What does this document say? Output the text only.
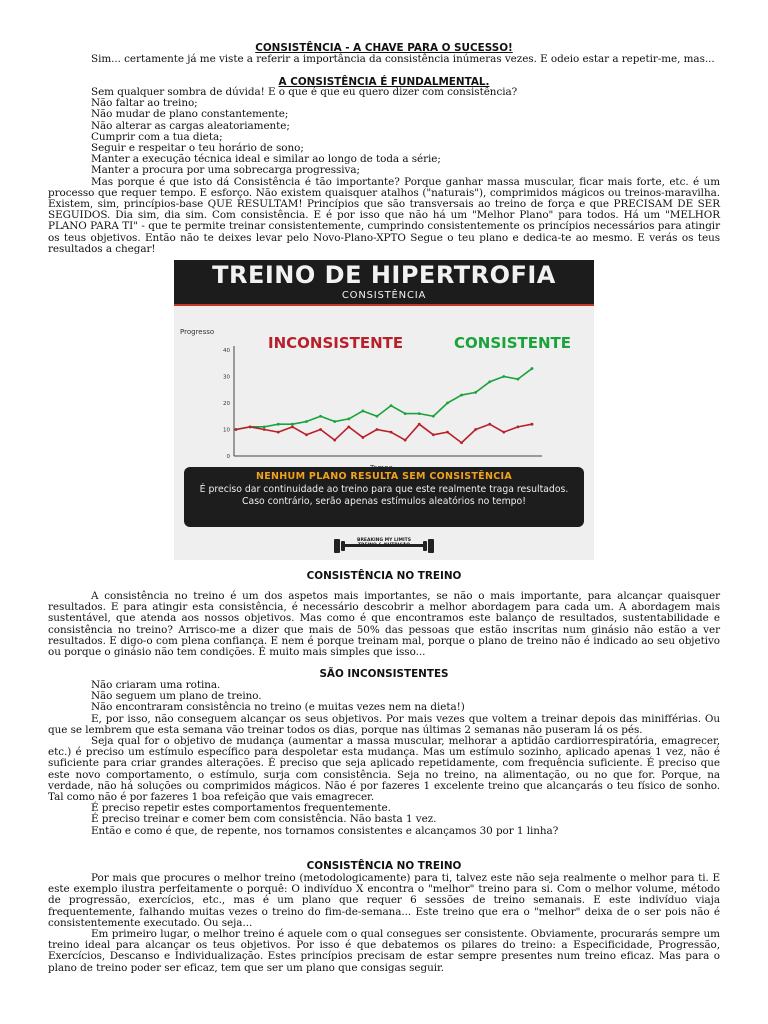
CONSISTÊNCIA - A CHAVE PARA O SUCESSO!

Sim... certamente já me viste a referir a importância da consistência inúmeras vezes. E odeio estar a repetir-me, mas...

A CONSISTÊNCIA É FUNDALMENTAL.

Sem qualquer sombra de dúvida! E o que é que eu quero dizer com consistência?

Não faltar ao treino;

Não mudar de plano constantemente;

Não alterar as cargas aleatoriamente;

Cumprir com a tua dieta;

Seguir e respeitar o teu horário de sono;

Manter a execução técnica ideal e similar ao longo de toda a série;

Manter a procura por uma sobrecarga progressiva;

Mas porque é que isto dá Consistência é tão importante? Porque ganhar massa muscular, ficar mais forte, etc. é um processo que requer tempo. E esforço. Não existem quaisquer atalhos ("naturais"), comprimidos mágicos ou treinos-maravilha. Existem, sim, princípios-base QUE RESULTAM! Princípios que são transversais ao treino de força e que PRECISAM DE SER SEGUIDOS. Dia sim, dia sim. Com consistência. E é por isso que não há um "Melhor Plano" para todos. Há um "MELHOR PLANO PARA TI" - que te permite treinar consistentemente, cumprindo consistentemente os princípios necessários para atingir os teus objetivos. Então não te deixes levar pelo Novo-Plano-XPTO Segue o teu plano e dedica-te ao mesmo. E verás os teus resultados a chegar!

TREINO DE HIPERTROFIA
CONSISTÊNCIA
Progresso
INCONSISTENTE	CONSISTENTE
0
10
20
30
40
NENHUM PLANO RESULTA SEM CONSISTÊNCIA
É preciso dar continuidade ao treino para que este realmente traga resultados. Caso contrário, serão apenas estímulos aleatórios no tempo!
BREAKING MY LIMITS TREINO & NUTRIÇÃO
CONSISTÊNCIA NO TREINO

A consistência no treino é um dos aspetos mais importantes, se não o mais importante, para alcançar quaisquer resultados. E para atingir esta consistência, é necessário descobrir a melhor abordagem para cada um. A abordagem mais sustentável, que atenda aos nossos objetivos. Mas como é que encontramos este balanço de resultados, sustentabilidade e consistência no treino? Arrisco-me a dizer que mais de 50% das pessoas que estão inscritas num ginásio não estão a ver resultados. E digo-o com plena confiança. E nem é porque treinam mal, porque o plano de treino não é indicado ao seu objetivo ou porque o ginásio não tem condições. É muito mais simples que isso...

SÃO INCONSISTENTES

Não criaram uma rotina.

Não seguem um plano de treino.

Não encontraram consistência no treino (e muitas vezes nem na dieta!)

E, por isso, não conseguem alcançar os seus objetivos. Por mais vezes que voltem a treinar depois das minifférias. Ou que se lembrem que esta semana vão treinar todos os dias, porque nas últimas 2 semanas não puseram lá os pés.

Seja qual for o objetivo de mudança (aumentar a massa muscular, melhorar a aptidão cardiorrespiratória, emagrecer, etc.) é preciso um estímulo específico para despoletar esta mudança. Mas um estímulo sozinho, aplicado apenas 1 vez, não é suficiente para criar grandes alterações. É preciso que seja aplicado repetidamente, com frequência suficiente. É preciso que este novo comportamento, o estímulo, surja com consistência. Seja no treino, na alimentação, ou no que for. Porque, na verdade, não há soluções ou comprimidos mágicos. Não é por fazeres 1 excelente treino que alcançarás o teu físico de sonho. Tal como não é por fazeres 1 boa refeição que vais emagrecer.

É preciso repetir estes comportamentos frequentemente.

É preciso treinar e comer bem com consistência. Não basta 1 vez.

Então e como é que, de repente, nos tornamos consistentes e alcançamos 30 por 1 linha?

CONSISTÊNCIA NO TREINO

Por mais que procures o melhor treino (metodologicamente) para ti, talvez este não seja realmente o melhor para ti. E este exemplo ilustra perfeitamente o porquê: O indivíduo X encontra o "melhor" treino para si. Com o melhor volume, método de progressão, exercícios, etc., mas é um plano que requer 6 sessões de treino semanais. E este indivíduo viaja frequentemente, falhando muitas vezes o treino do fim-de-semana... Este treino que era o "melhor" deixa de o ser pois não é consistentemente executado. Ou seja...

Em primeiro lugar, o melhor treino é aquele com o qual consegues ser consistente. Obviamente, procurarás sempre um treino ideal para alcançar os teus objetivos. Por isso é que debatemos os pilares do treino: a Especificidade, Progressão, Exercícios, Descanso e Individualização. Estes princípios precisam de estar sempre presentes num treino eficaz. Mas para o plano de treino poder ser eficaz, tem que ser um plano que consigas seguir.
